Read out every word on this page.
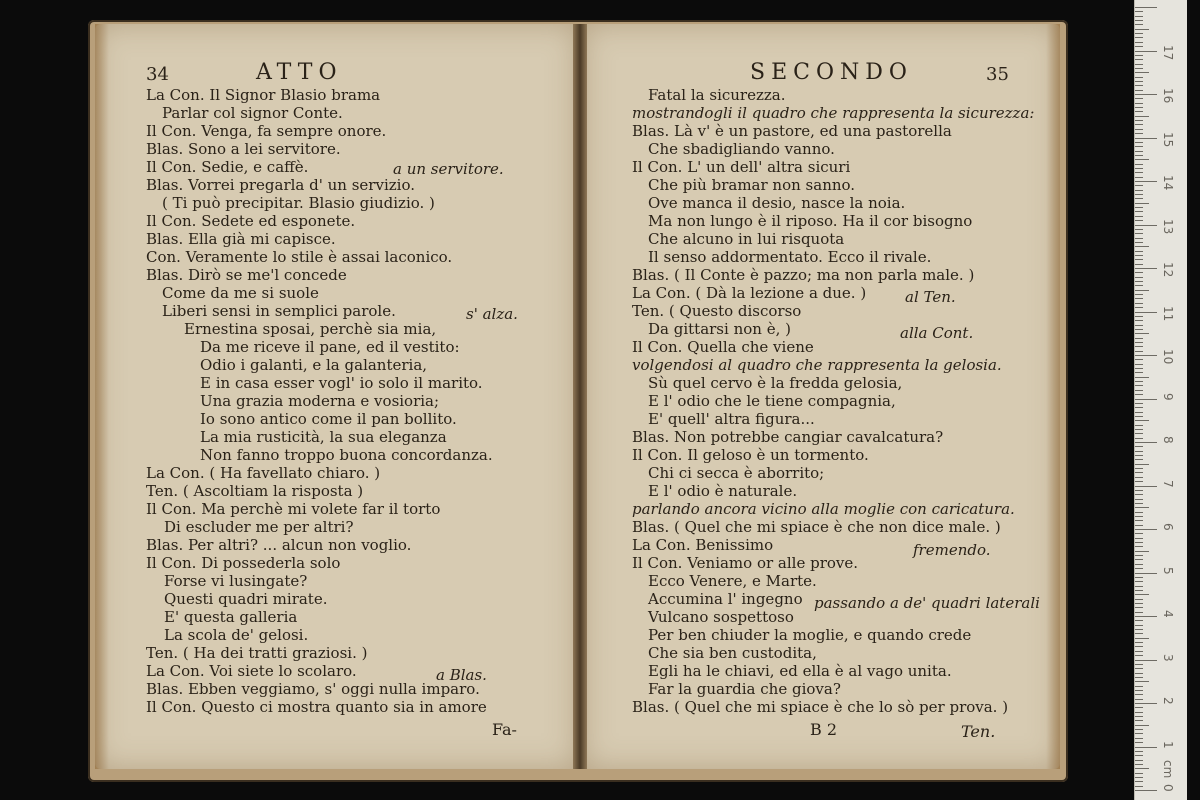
34	ATTO
La Con. Il Signor Blasio brama
Parlar col signor Conte.
Il Con. Venga, fa sempre onore.
Blas. Sono a lei servitore.
Il Con. Sedie, e caffè.
Blas. Vorrei pregarla d' un servizio.
( Ti può precipitar. Blasio giudizio. )
Il Con. Sedete ed esponete.
Blas. Ella già mi capisce.
Con. Veramente lo stile è assai laconico.
Blas. Dirò se me'l concede
Come da me si suole
Liberi sensi in semplici parole.
Ernestina sposai, perchè sia mia,
Da me riceve il pane, ed il vestito:
Odio i galanti, e la galanteria,
E in casa esser vogl' io solo il marito.
Una grazia moderna e vosioria;
Io sono antico come il pan bollito.
La mia rusticità, la sua eleganza
Non fanno troppo buona concordanza.
La Con. ( Ha favellato chiaro. )
Ten. ( Ascoltiam la risposta )
Il Con. Ma perchè mi volete far il torto
Di escluder me per altri?
Blas. Per altri? ... alcun non voglio.
Il Con. Di possederla solo
Forse vi lusingate?
Questi quadri mirate.
E' questa galleria
La scola de' gelosi.
Ten. ( Ha dei tratti graziosi. )
La Con. Voi siete lo scolaro.
Blas. Ebben veggiamo, s' oggi nulla imparo.
Il Con. Questo ci mostra quanto sia in amore
a un servitore.
s' alza.
a Blas.
Fa-
SECONDO	35
Fatal la sicurezza.
mostrandogli il quadro che rappresenta la sicurezza:
Blas. Là v' è un pastore, ed una pastorella
Che sbadigliando vanno.
Il Con. L' un dell' altra sicuri
Che più bramar non sanno.
Ove manca il desio, nasce la noia.
Ma non lungo è il riposo. Ha il cor bisogno
Che alcuno in lui risquota
Il senso addormentato. Ecco il rivale.
Blas. ( Il Conte è pazzo; ma non parla male. )
La Con. ( Dà la lezione a due. )
Ten. ( Questo discorso
Da gittarsi non è, )
Il Con. Quella che viene
volgendosi al quadro che rappresenta la gelosia.
Sù quel cervo è la fredda gelosia,
E l' odio che le tiene compagnia,
E' quell' altra figura...
Blas. Non potrebbe cangiar cavalcatura?
Il Con. Il geloso è un tormento.
Chi ci secca è aborrito;
E l' odio è naturale.
parlando ancora vicino alla moglie con caricatura.
Blas. ( Quel che mi spiace è che non dice male. )
La Con. Benissimo
Il Con. Veniamo or alle prove.
Ecco Venere, e Marte.
Accumina l' ingegno
Vulcano sospettoso
Per ben chiuder la moglie, e quando crede
Che sia ben custodita,
Egli ha le chiavi, ed ella è al vago unita.
Far la guardia che giova?
Blas. ( Quel che mi spiace è che lo sò per prova. )
al Ten.
alla Cont.
fremendo.
passando a de' quadri laterali
B 2	Ten.
17
16
15
14
13
12
11
10
9
8
7
6
5
4
3
2
1
0
cm
